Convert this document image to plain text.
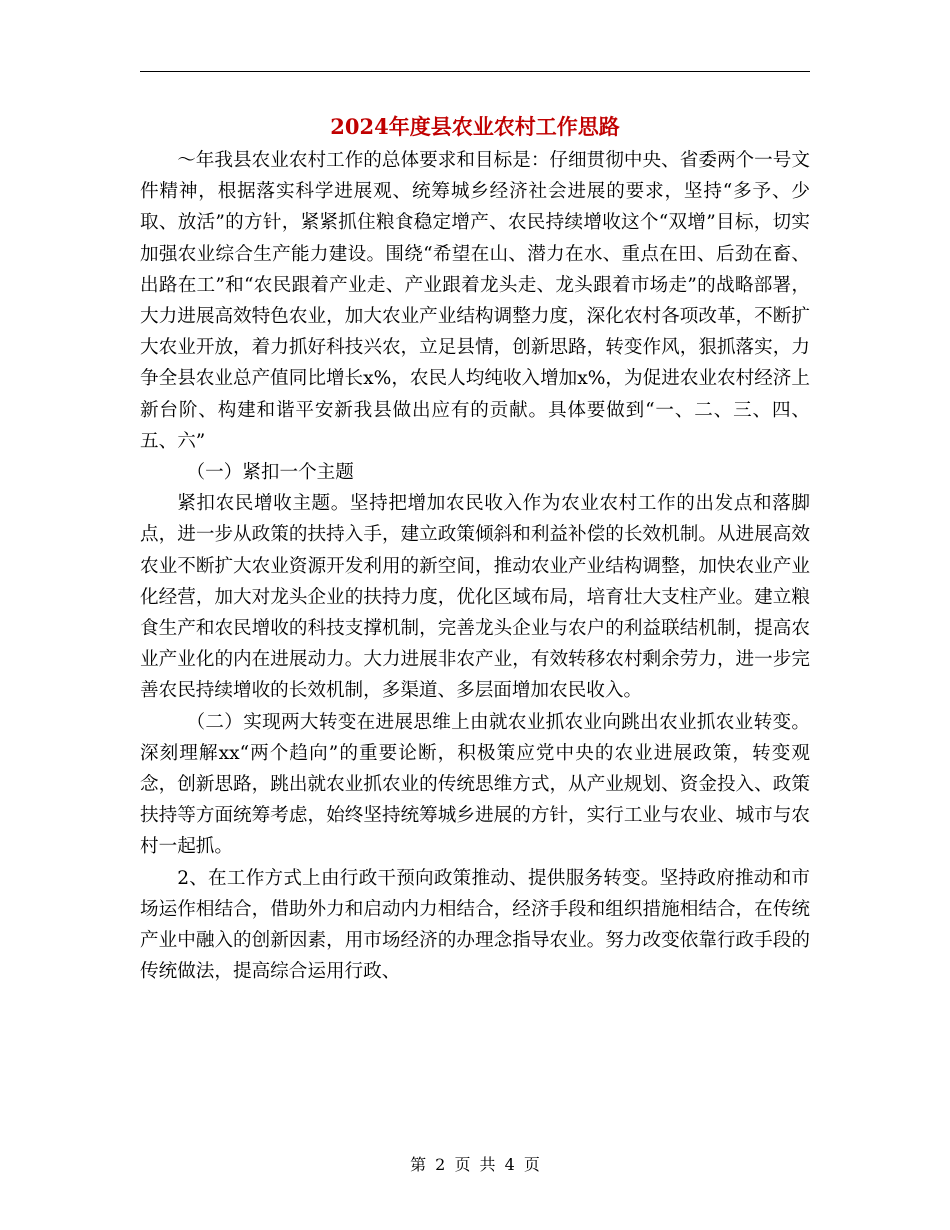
2024年度县农业农村工作思路

～年我县农业农村工作的总体要求和目标是：仔细贯彻中央、省委两个一号文件精神，根据落实科学进展观、统筹城乡经济社会进展的要求，坚持“多予、少取、放活”的方针，紧紧抓住粮食稳定增产、农民持续增收这个“双增”目标，切实加强农业综合生产能力建设。围绕“希望在山、潜力在水、重点在田、后劲在畜、出路在工”和“农民跟着产业走、产业跟着龙头走、龙头跟着市场走”的战略部署，大力进展高效特色农业，加大农业产业结构调整力度，深化农村各项改革，不断扩大农业开放，着力抓好科技兴农，立足县情，创新思路，转变作风，狠抓落实，力争全县农业总产值同比增长x%，农民人均纯收入增加x%，为促进农业农村经济上新台阶、构建和谐平安新我县做出应有的贡献。具体要做到“一、二、三、四、五、六”

（一）紧扣一个主题

紧扣农民增收主题。坚持把增加农民收入作为农业农村工作的出发点和落脚点，进一步从政策的扶持入手，建立政策倾斜和利益补偿的长效机制。从进展高效农业不断扩大农业资源开发利用的新空间，推动农业产业结构调整，加快农业产业化经营，加大对龙头企业的扶持力度，优化区域布局，培育壮大支柱产业。建立粮食生产和农民增收的科技支撑机制，完善龙头企业与农户的利益联结机制，提高农业产业化的内在进展动力。大力进展非农产业，有效转移农村剩余劳力，进一步完善农民持续增收的长效机制，多渠道、多层面增加农民收入。

（二）实现两大转变在进展思维上由就农业抓农业向跳出农业抓农业转变。深刻理解xx“两个趋向”的重要论断，积极策应党中央的农业进展政策，转变观念，创新思路，跳出就农业抓农业的传统思维方式，从产业规划、资金投入、政策扶持等方面统筹考虑，始终坚持统筹城乡进展的方针，实行工业与农业、城市与农村一起抓。

2、在工作方式上由行政干预向政策推动、提供服务转变。坚持政府推动和市场运作相结合，借助外力和启动内力相结合，经济手段和组织措施相结合，在传统产业中融入的创新因素，用市场经济的办理念指导农业。努力改变依靠行政手段的传统做法，提高综合运用行政、

第 2 页 共 4 页
